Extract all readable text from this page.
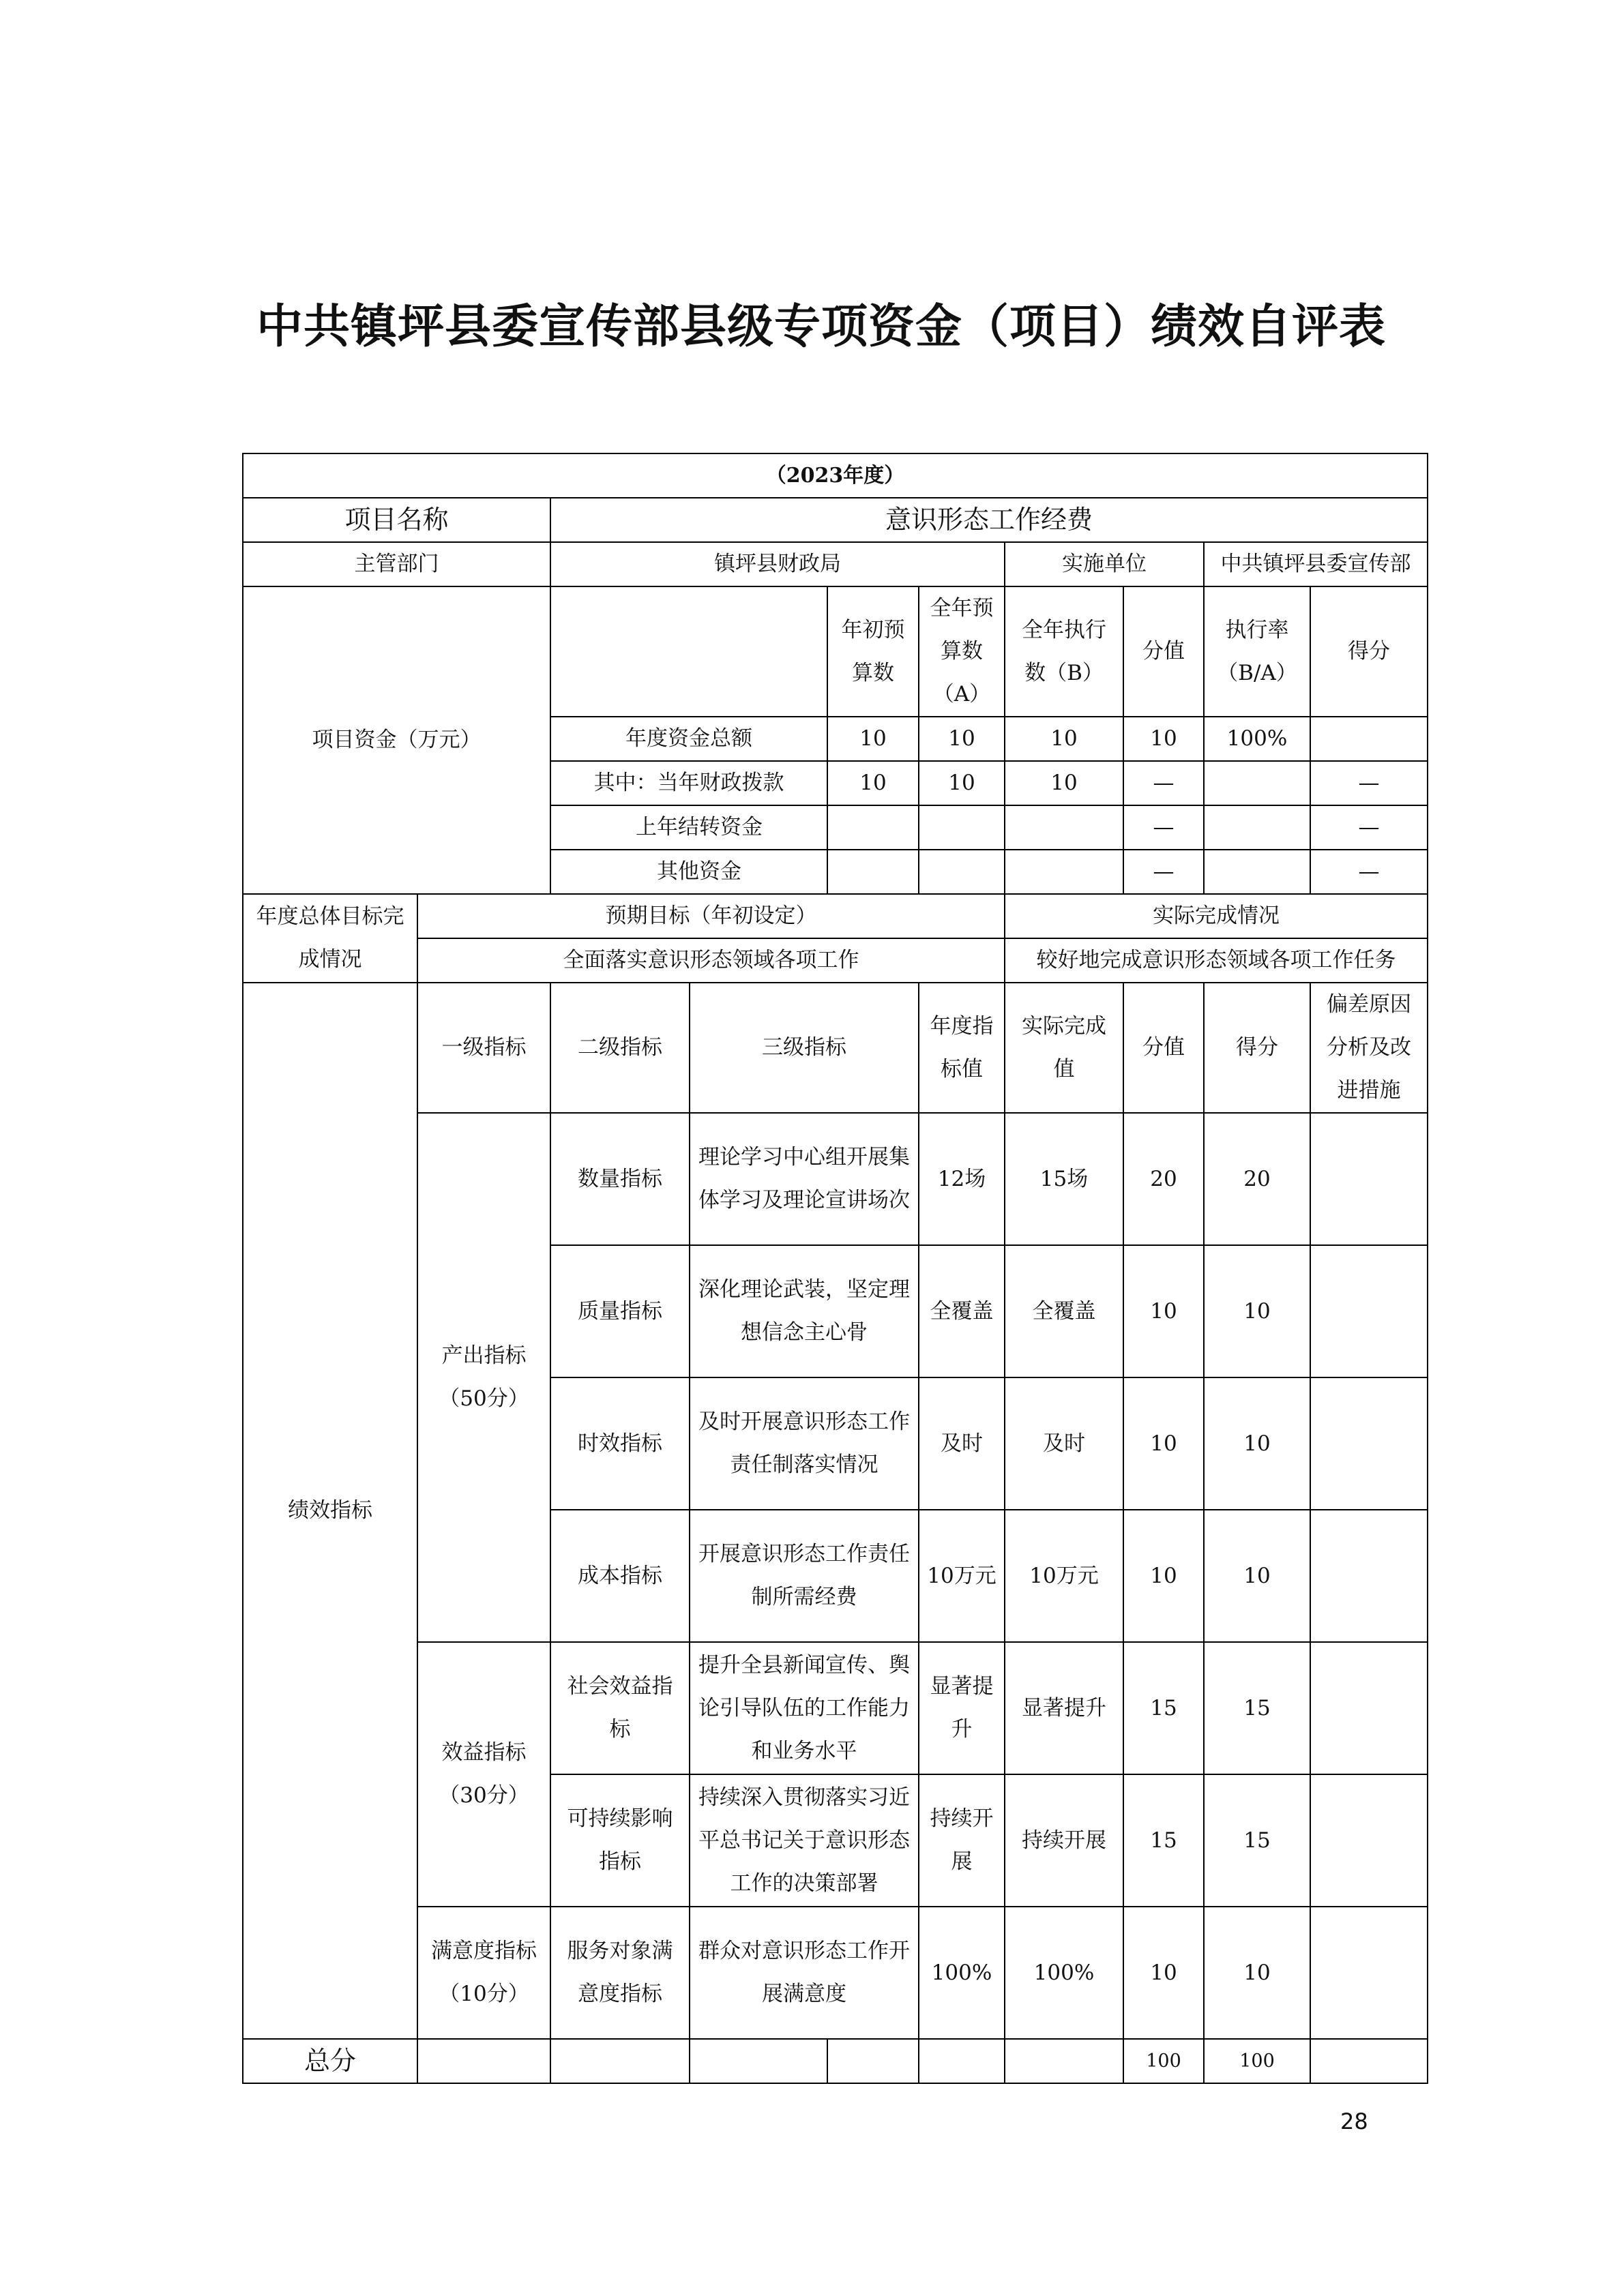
中共镇坪县委宣传部县级专项资金（项目）绩效自评表
（2023年度）									
项目名称		意识形态工作经费							
主管部门		镇坪县财政局				实施单位		中共镇坪县委宣传部	
项目资金（万元）				年初预算数	全年预算数（A）	全年执行数（B）	分值	执行率（B/A）	得分
		年度资金总额		10	10	10	10	100%	
		其中：当年财政拨款		10	10	10	—		—
		上年结转资金					—		—
		其他资金					—		—
年度总体目标完成情况	预期目标（年初设定）					实际完成情况			
	全面落实意识形态领域各项工作					较好地完成意识形态领域各项工作任务			
绩效指标	一级指标	二级指标	三级指标		年度指标值	实际完成值	分值	得分	偏差原因分析及改进措施
	产出指标（50分）	数量指标	理论学习中心组开展集体学习及理论宣讲场次		12场	15场	20	20	
		质量指标	深化理论武装，坚定理想信念主心骨		全覆盖	全覆盖	10	10	
		时效指标	及时开展意识形态工作责任制落实情况		及时	及时	10	10	
		成本指标	开展意识形态工作责任制所需经费		10万元	10万元	10	10	
	效益指标（30分）	社会效益指标	提升全县新闻宣传、舆论引导队伍的工作能力和业务水平		显著提升	显著提升	15	15	
		可持续影响指标	持续深入贯彻落实习近平总书记关于意识形态工作的决策部署		持续开展	持续开展	15	15	
	满意度指标（10分）	服务对象满意度指标	群众对意识形态工作开展满意度		100%	100%	10	10	
总分							100	100	
28
